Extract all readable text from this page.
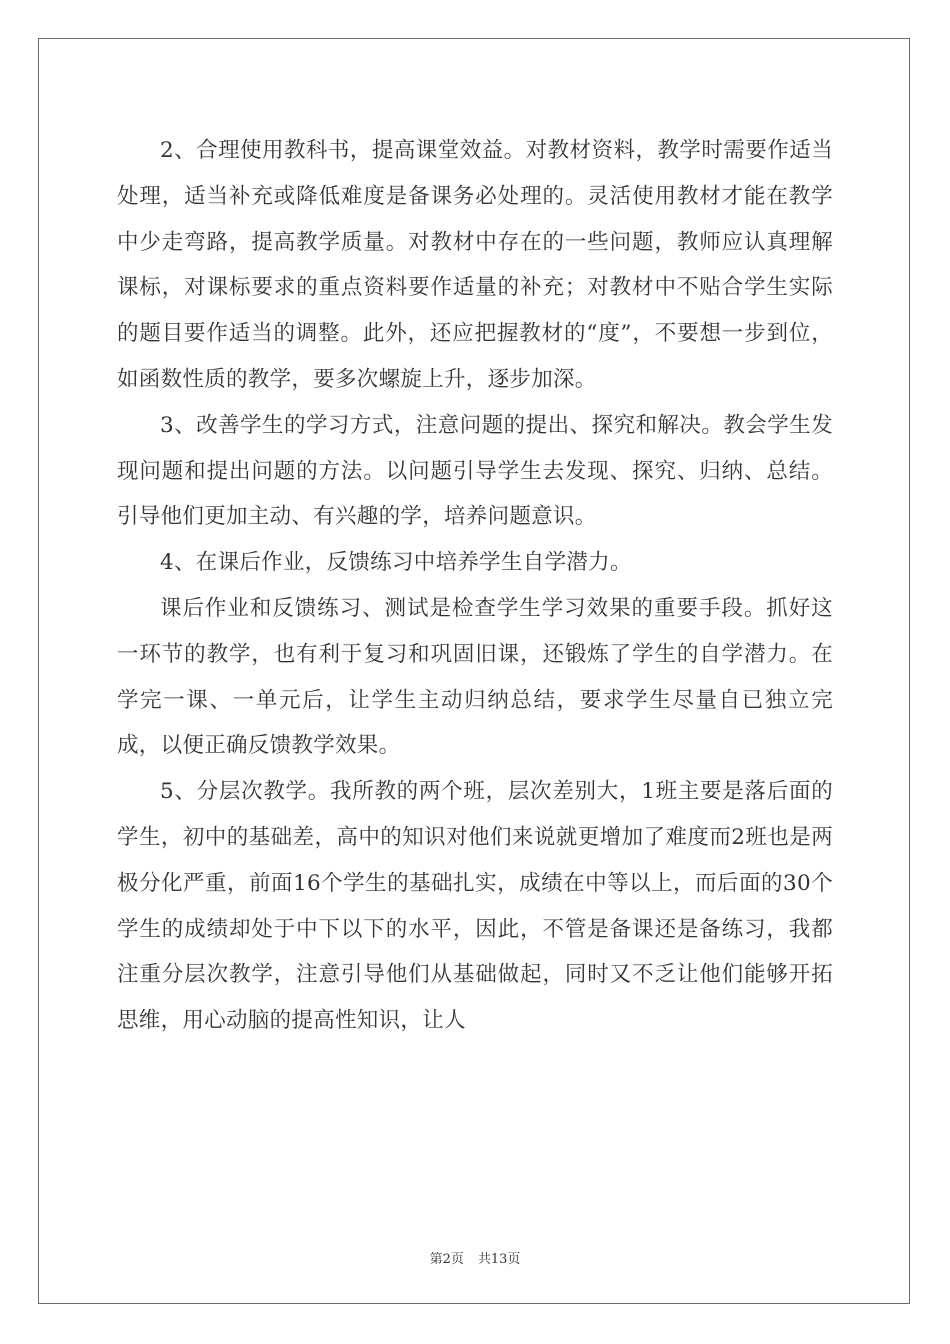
2、合理使用教科书，提高课堂效益。对教材资料，教学时需要作适当处理，适当补充或降低难度是备课务必处理的。灵活使用教材才能在教学中少走弯路，提高教学质量。对教材中存在的一些问题，教师应认真理解课标，对课标要求的重点资料要作适量的补充；对教材中不贴合学生实际的题目要作适当的调整。此外，还应把握教材的“度”，不要想一步到位，如函数性质的教学，要多次螺旋上升，逐步加深。

3、改善学生的学习方式，注意问题的提出、探究和解决。教会学生发现问题和提出问题的方法。以问题引导学生去发现、探究、归纳、总结。引导他们更加主动、有兴趣的学，培养问题意识。

4、在课后作业，反馈练习中培养学生自学潜力。

课后作业和反馈练习、测试是检查学生学习效果的重要手段。抓好这一环节的教学，也有利于复习和巩固旧课，还锻炼了学生的自学潜力。在学完一课、一单元后，让学生主动归纳总结，要求学生尽量自已独立完成，以便正确反馈教学效果。

5、分层次教学。我所教的两个班，层次差别大，1班主要是落后面的学生，初中的基础差，高中的知识对他们来说就更增加了难度而2班也是两极分化严重，前面16个学生的基础扎实，成绩在中等以上，而后面的30个学生的成绩却处于中下以下的水平，因此，不管是备课还是备练习，我都注重分层次教学，注意引导他们从基础做起，同时又不乏让他们能够开拓思维，用心动脑的提高性知识，让人

第2页 共13页
